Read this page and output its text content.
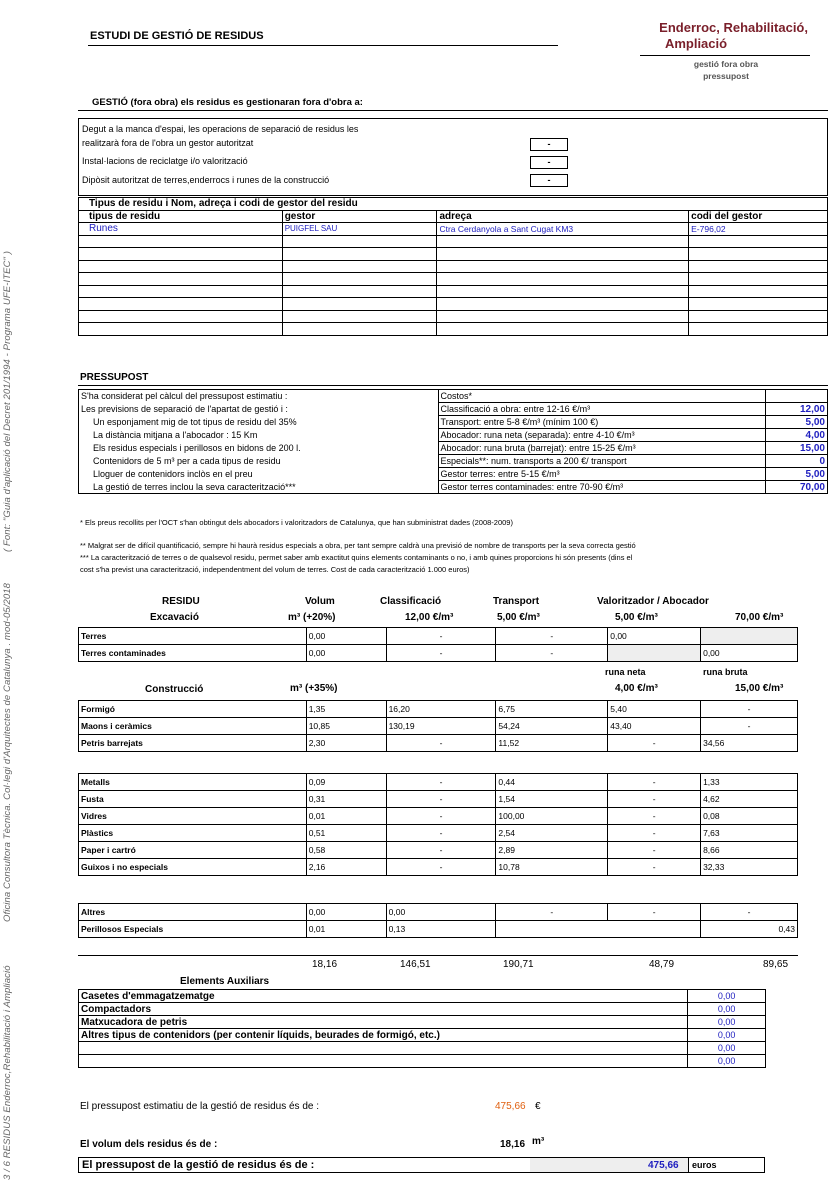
3 / 6 RESIDUS Enderroc,Rehabilitació i Ampliació
Oficina Consultora Tècnica. Col·legi d'Arquitectes de Catalunya . mod-05/2018
( Font: "Guia d'aplicació del Decret 201/1994 - Programa UFE-ITEC" )
ESTUDI DE GESTIÓ DE RESIDUS
Enderroc, Rehabilitació,
Ampliació
gestió fora obra
pressupost
GESTIÓ (fora obra) els residus es gestionaran fora d'obra a:
Degut a la manca d'espai, les operacions de separació de residus les
realitzarà fora de l'obra un gestor autoritzat	-
Instal·lacions de reciclatge i/o valorització	-
Dipòsit autoritzat de terres,enderrocs i runes de la construcció	-
Tipus de residu i Nom, adreça i codi de gestor del residu			
tipus de residu	gestor	adreça	codi del gestor
Runes	PUIGFEL SAU	Ctra Cerdanyola a Sant Cugat KM3	E-796,02

PRESSUPOST
S'ha considerat pel càlcul del pressupost estimatiu :	Costos*	
Les previsions de separació de l'apartat de gestió i :	Classificació a obra: entre 12-16 €/m³	12,00
Un esponjament mig de tot tipus de residu del 35%	Transport: entre 5-8 €/m³ (mínim 100 €)	5,00
La distància mitjana a l'abocador : 15 Km	Abocador: runa neta (separada): entre 4-10 €/m³	4,00
Els residus especials i perillosos en bidons de 200 l.	Abocador: runa bruta (barrejat): entre 15-25 €/m³	15,00
Contenidors de 5 m³ per a cada tipus de residu	Especials**: num. transports a 200 €/ transport	0
Lloguer de contenidors inclòs en el preu	Gestor terres: entre 5-15 €/m³	5,00
La gestió de terres inclou la seva caracterització***	Gestor terres contaminades: entre 70-90 €/m³	70,00
* Els preus recollits per l'OCT s'han obtingut dels abocadors i valoritzadors de Catalunya, que han subministrat dades (2008-2009)
** Malgrat ser de difícil quantificació, sempre hi haurà residus especials a obra, per tant sempre caldrà una previsió de nombre de transports per la seva correcta gestió
*** La caracterització de terres o de qualsevol residu, permet saber amb exactitut quins elements contaminants o no, i amb quines proporcions hi són presents (dins el
cost s'ha previst una caracterització, independentment del volum de terres. Cost de cada caracterització 1.000 euros)
RESIDU	Volum	Classificació	Transport	Valoritzador / Abocador
Excavació	m³ (+20%)	12,00 €/m³	5,00 €/m³	5,00 €/m³	70,00 €/m³
Terres	0,00	-	-	0,00	
Terres contaminades	0,00	-	-		0,00
runa neta	runa bruta
Construcció	m³ (+35%)	4,00 €/m³	15,00 €/m³
Formigó	1,35	16,20	6,75	5,40	-
Maons i ceràmics	10,85	130,19	54,24	43,40	-
Petris barrejats	2,30	-	11,52	-	34,56
Metalls	0,09	-	0,44	-	1,33
Fusta	0,31	-	1,54	-	4,62
Vidres	0,01	-	100,00	-	0,08
Plàstics	0,51	-	2,54	-	7,63
Paper i cartró	0,58	-	2,89	-	8,66
Guixos i no especials	2,16	-	10,78	-	32,33
Altres	0,00	0,00	-	-	-
Perillosos Especials	0,01	0,13			0,43
18,16	146,51	190,71	48,79	89,65
Elements Auxiliars
Casetes d'emmagatzematge	0,00
Compactadors	0,00
Matxucadora de petris	0,00
Altres tipus de contenidors (per contenir líquids, beurades de formigó, etc.)	0,00
	0,00
	0,00
El pressupost estimatiu de la gestió de residus és de :	475,66 €
El volum dels residus és de :	18,16 m³
El pressupost de la gestió de residus és de :	475,66 euros
